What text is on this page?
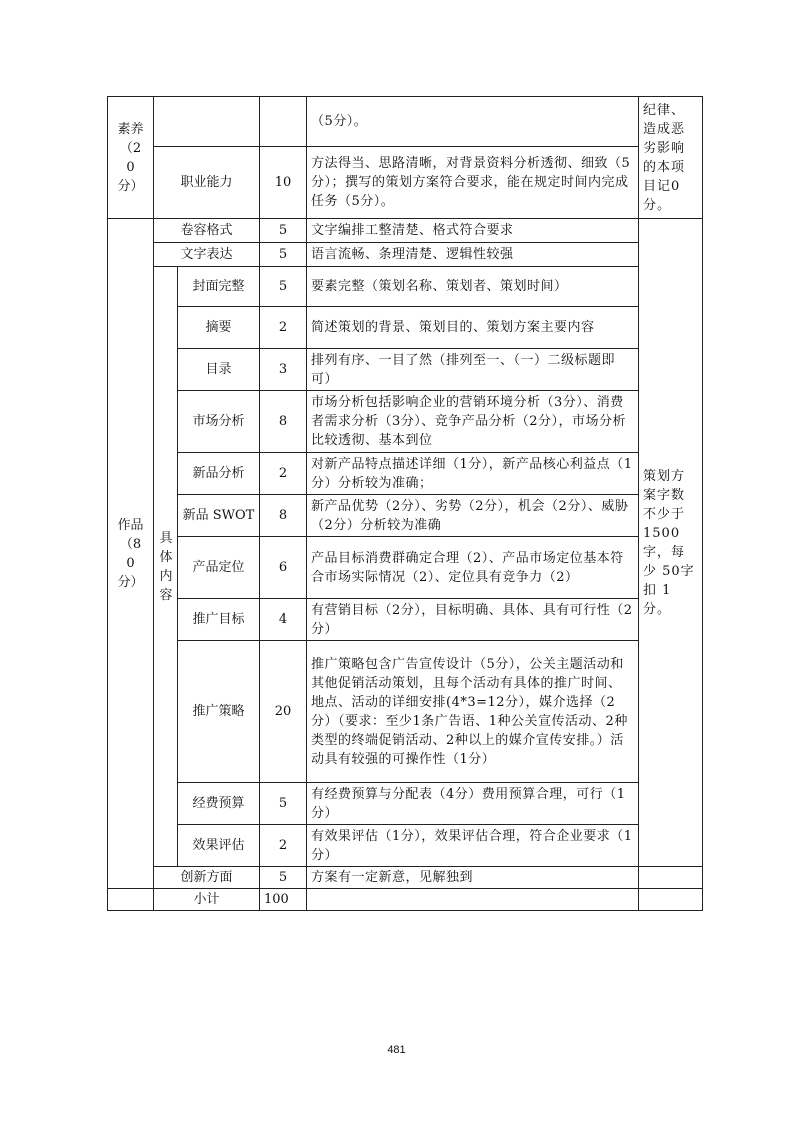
素养（20分）				（5分）。	纪律、造成恶劣影响的本项目记0分。
	职业能力		10	方法得当、思路清晰，对背景资料分析透彻、细致（5分）；撰写的策划方案符合要求，能在规定时间内完成任务（5分）。	

作品（80分）	卷容格式		5	文字编排工整清楚、格式符合要求	策划方案字数不少于1500字，每少 50字扣 1分。
	文字表达		5	语言流畅、条理清楚、逻辑性较强	

	具体内容	封面完整	5	要素完整（策划名称、策划者、策划时间）	
		摘要	2	简述策划的背景、策划目的、策划方案主要内容	
		目录	3	排列有序、一目了然（排列至一、（一）二级标题即可）	
		市场分析	8	市场分析包括影响企业的营销环境分析（3分）、消费者需求分析（3分）、竞争产品分析（2分），市场分析比较透彻、基本到位	
		新品分析	2	对新产品特点描述详细（1分），新产品核心利益点（1分）分析较为准确；	
		新品 SWOT	8	新产品优势（2分）、劣势（2分），机会（2分）、威胁（2分）分析较为准确	
		产品定位	6	产品目标消费群确定合理（2）、产品市场定位基本符合市场实际情况（2）、定位具有竞争力（2）	
		推广目标	4	有营销目标（2分），目标明确、具体、具有可行性（2分）	
		推广策略	20	推广策略包含广告宣传设计（5分），公关主题活动和其他促销活动策划，且每个活动有具体的推广时间、地点、活动的详细安排(4*3=12分），媒介选择（2分）（要求：至少1条广告语、1种公关宣传活动、2种类型的终端促销活动、2种以上的媒介宣传安排。）活动具有较强的可操作性（1分）	
		经费预算	5	有经费预算与分配表（4分）费用预算合理，可行（1分）	
		效果评估	2	有效果评估（1分），效果评估合理，符合企业要求（1分）	
	创新方面		5	方案有一定新意，见解独到	
	小计		100		
481
